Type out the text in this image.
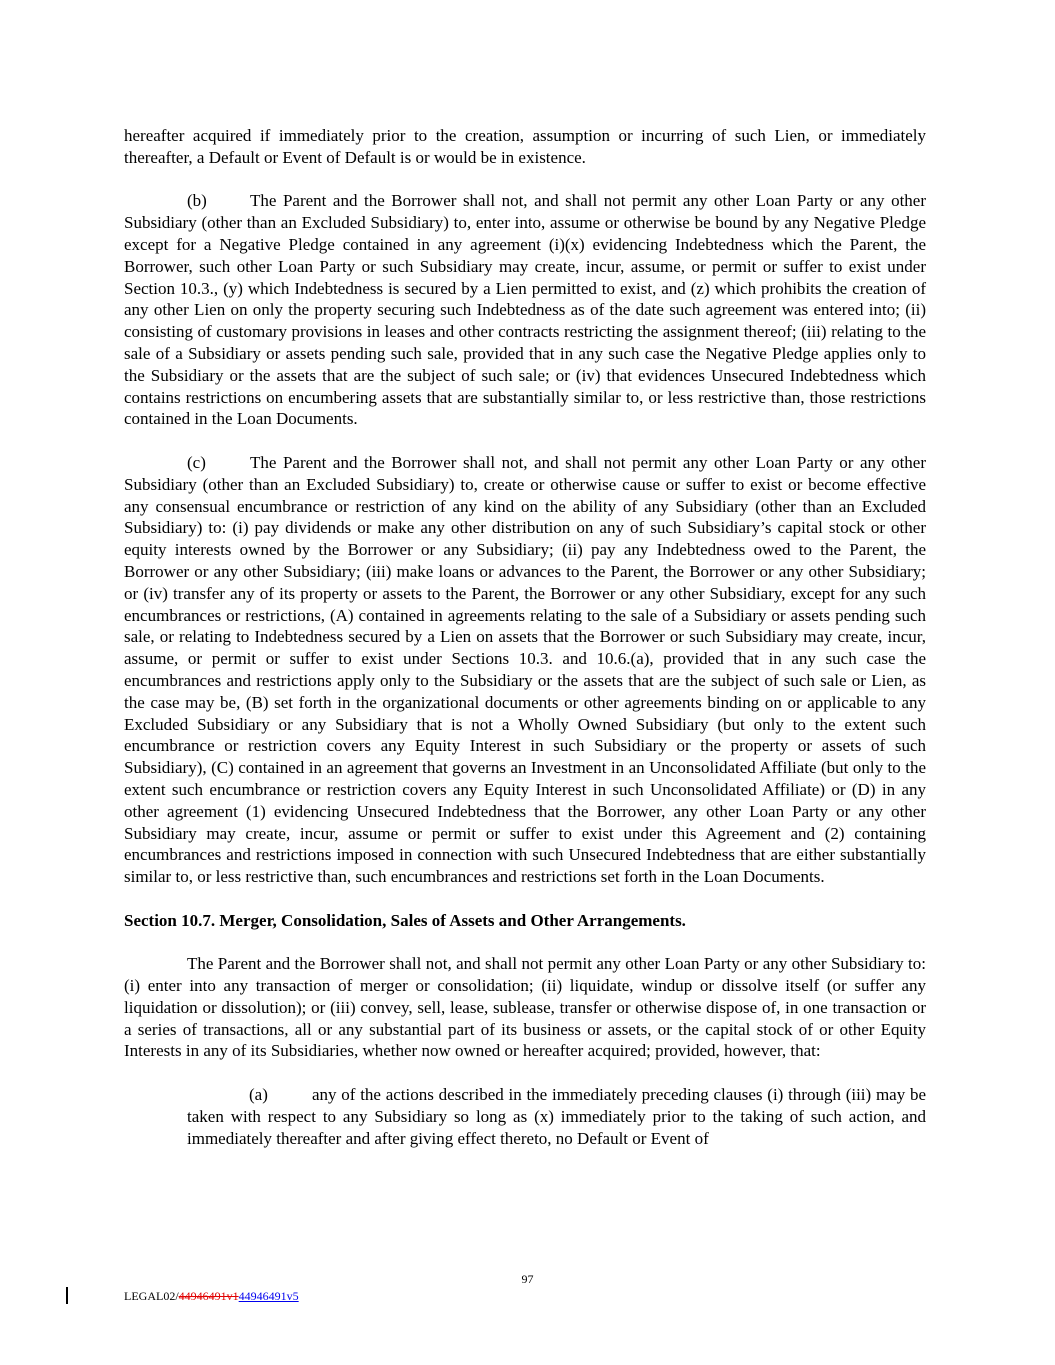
hereafter acquired if immediately prior to the creation, assumption or incurring of such Lien, or immediately thereafter, a Default or Event of Default is or would be in existence.

(b)	The Parent and the Borrower shall not, and shall not permit any other Loan Party or any other Subsidiary (other than an Excluded Subsidiary) to, enter into, assume or otherwise be bound by any Negative Pledge except for a Negative Pledge contained in any agreement (i)(x) evidencing Indebtedness which the Parent, the Borrower, such other Loan Party or such Subsidiary may create, incur, assume, or permit or suffer to exist under Section 10.3., (y) which Indebtedness is secured by a Lien permitted to exist, and (z) which prohibits the creation of any other Lien on only the property securing such Indebtedness as of the date such agreement was entered into; (ii) consisting of customary provisions in leases and other contracts restricting the assignment thereof; (iii) relating to the sale of a Subsidiary or assets pending such sale, provided that in any such case the Negative Pledge applies only to the Subsidiary or the assets that are the subject of such sale; or (iv) that evidences Unsecured Indebtedness which contains restrictions on encumbering assets that are substantially similar to, or less restrictive than, those restrictions contained in the Loan Documents.

(c)	The Parent and the Borrower shall not, and shall not permit any other Loan Party or any other Subsidiary (other than an Excluded Subsidiary) to, create or otherwise cause or suffer to exist or become effective any consensual encumbrance or restriction of any kind on the ability of any Subsidiary (other than an Excluded Subsidiary) to: (i) pay dividends or make any other distribution on any of such Subsidiary’s capital stock or other equity interests owned by the Borrower or any Subsidiary; (ii) pay any Indebtedness owed to the Parent, the Borrower or any other Subsidiary; (iii) make loans or advances to the Parent, the Borrower or any other Subsidiary; or (iv) transfer any of its property or assets to the Parent, the Borrower or any other Subsidiary, except for any such encumbrances or restrictions, (A) contained in agreements relating to the sale of a Subsidiary or assets pending such sale, or relating to Indebtedness secured by a Lien on assets that the Borrower or such Subsidiary may create, incur, assume, or permit or suffer to exist under Sections 10.3. and 10.6.(a), provided that in any such case the encumbrances and restrictions apply only to the Subsidiary or the assets that are the subject of such sale or Lien, as the case may be, (B) set forth in the organizational documents or other agreements binding on or applicable to any Excluded Subsidiary or any Subsidiary that is not a Wholly Owned Subsidiary (but only to the extent such encumbrance or restriction covers any Equity Interest in such Subsidiary or the property or assets of such Subsidiary), (C) contained in an agreement that governs an Investment in an Unconsolidated Affiliate (but only to the extent such encumbrance or restriction covers any Equity Interest in such Unconsolidated Affiliate) or (D) in any other agreement (1) evidencing Unsecured Indebtedness that the Borrower, any other Loan Party or any other Subsidiary may create, incur, assume or permit or suffer to exist under this Agreement and (2) containing encumbrances and restrictions imposed in connection with such Unsecured Indebtedness that are either substantially similar to, or less restrictive than, such encumbrances and restrictions set forth in the Loan Documents.

Section 10.7. Merger, Consolidation, Sales of Assets and Other Arrangements.

The Parent and the Borrower shall not, and shall not permit any other Loan Party or any other Subsidiary to: (i) enter into any transaction of merger or consolidation; (ii) liquidate, windup or dissolve itself (or suffer any liquidation or dissolution); or (iii) convey, sell, lease, sublease, transfer or otherwise dispose of, in one transaction or a series of transactions, all or any substantial part of its business or assets, or the capital stock of or other Equity Interests in any of its Subsidiaries, whether now owned or hereafter acquired; provided, however, that:

(a)	any of the actions described in the immediately preceding clauses (i) through (iii) may be taken with respect to any Subsidiary so long as (x) immediately prior to the taking of such action, and immediately thereafter and after giving effect thereto, no Default or Event of

97
LEGAL02/44946491v144946491v5
